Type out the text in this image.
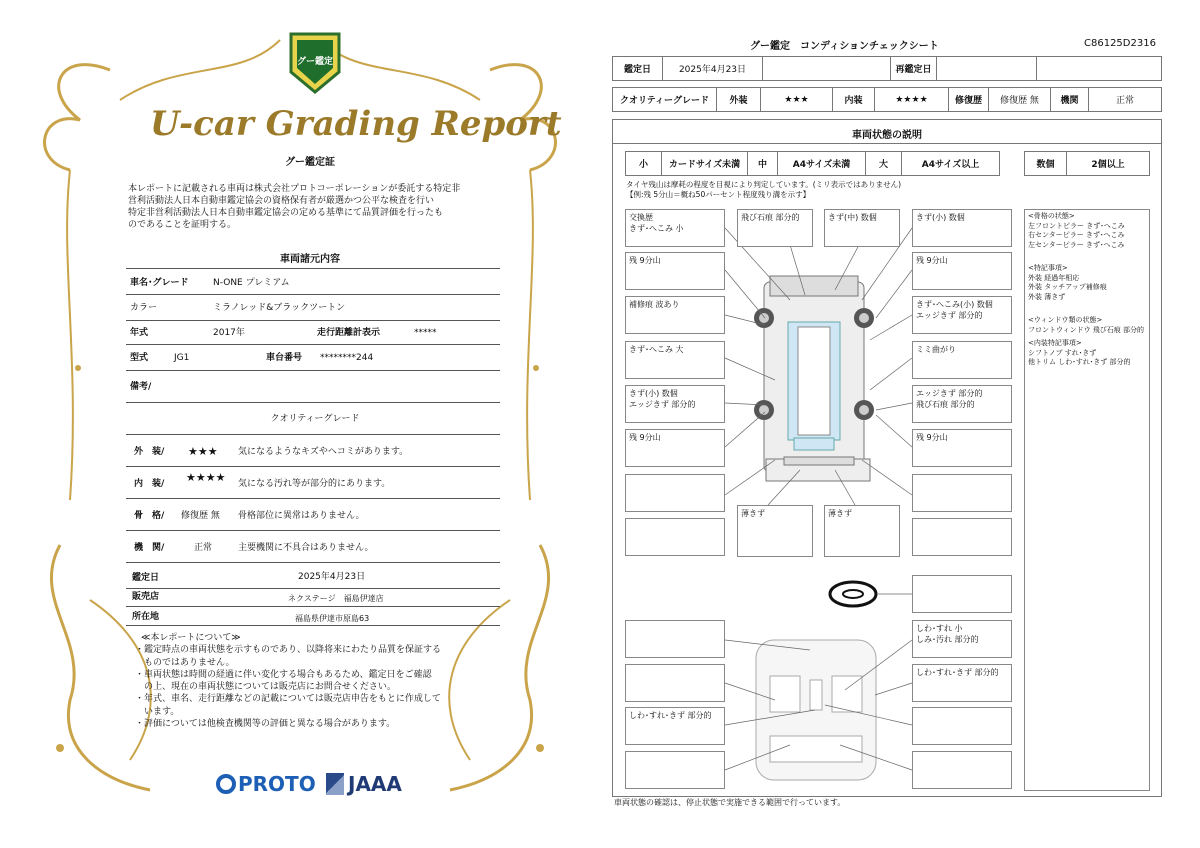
グー鑑定
U-car Grading Report
グー鑑定証
本レポートに記載される車両は株式会社プロトコーポレーションが委託する特定非
営利活動法人日本自動車鑑定協会の資格保有者が厳選かつ公平な検査を行い
特定非営利活動法人日本自動車鑑定協会の定める基準にて品質評価を行ったも
のであることを証明する。
車両諸元内容
車名･グレード	N-ONE プレミアム
カラー	ミラノレッド&ブラックツートン
年式	2017年	走行距離計表示	*****
型式	JG1	車台番号 ********244
備考/
クオリティーグレード
外　装/ ★★★ 気になるようなキズやヘコミがあります。
内　装/ ★★★★ 気になる汚れ等が部分的にあります。
骨　格/ 修復歴 無 骨格部位に異常はありません。
機　関/	正常	主要機関に不具合はありません。
鑑定日	2025年4月23日
販売店	ネクステージ　福島伊達店
所在地	福島県伊達市原島63
≪本レポートについて≫
・鑑定時点の車両状態を示すものであり、以降将来にわたり品質を保証する
　ものではありません。
・車両状態は時間の経過に伴い変化する場合もあるため、鑑定日をご確認
　の上、現在の車両状態については販売店にお問合せください。
・年式、車名、走行距離などの記載については販売店申告をもとに作成して
　います。
・評価については他検査機関等の評価と異なる場合があります。
PROTO JAAA
グー鑑定　コンディションチェックシート	C86125D2316
鑑定日	2025年4月23日	再鑑定日
クオリティーグレード	外装	★★★	内装	★★★★	修復歴	修復歴 無	機関	正常
車両状態の説明
小	カードサイズ未満	中	A4サイズ未満	大	A4サイズ以上	数個	2個以上
タイヤ残山は摩耗の程度を目視により判定しています。(ミリ表示ではありません)
【例:残 5分山＝概ね50パーセント程度残り溝を示す】
交換歴
きず･へこみ 小
飛び石痕 部分的	きず(中) 数個	きず(小) 数個
残 9分山	残 9分山
補修痕 波あり	きず･へこみ(小) 数個
エッジきず 部分的
きず･へこみ 大	ミミ曲がり
きず(小) 数個
エッジきず 部分的
エッジきず 部分的
飛び石痕 部分的
残 9分山	残 9分山
薄きず	薄きず
しわ･すれ 小
しみ･汚れ 部分的
しわ･すれ･きず 部分的
しわ･すれ･きず 部分的
<骨格の状態>
左フロントピラー きず･へこみ
右センターピラー きず･へこみ
左センターピラー きず･へこみ
<特記事項>
外装 経過年相応
外装 タッチアップ補修痕
外装 薄きず
<ウィンドウ類の状態>
フロントウィンドウ 飛び石痕 部分的
<内装特記事項>
シフトノブ すれ･きず
他トリム しわ･すれ･きず 部分的
車両状態の確認は、停止状態で実施できる範囲で行っています。
